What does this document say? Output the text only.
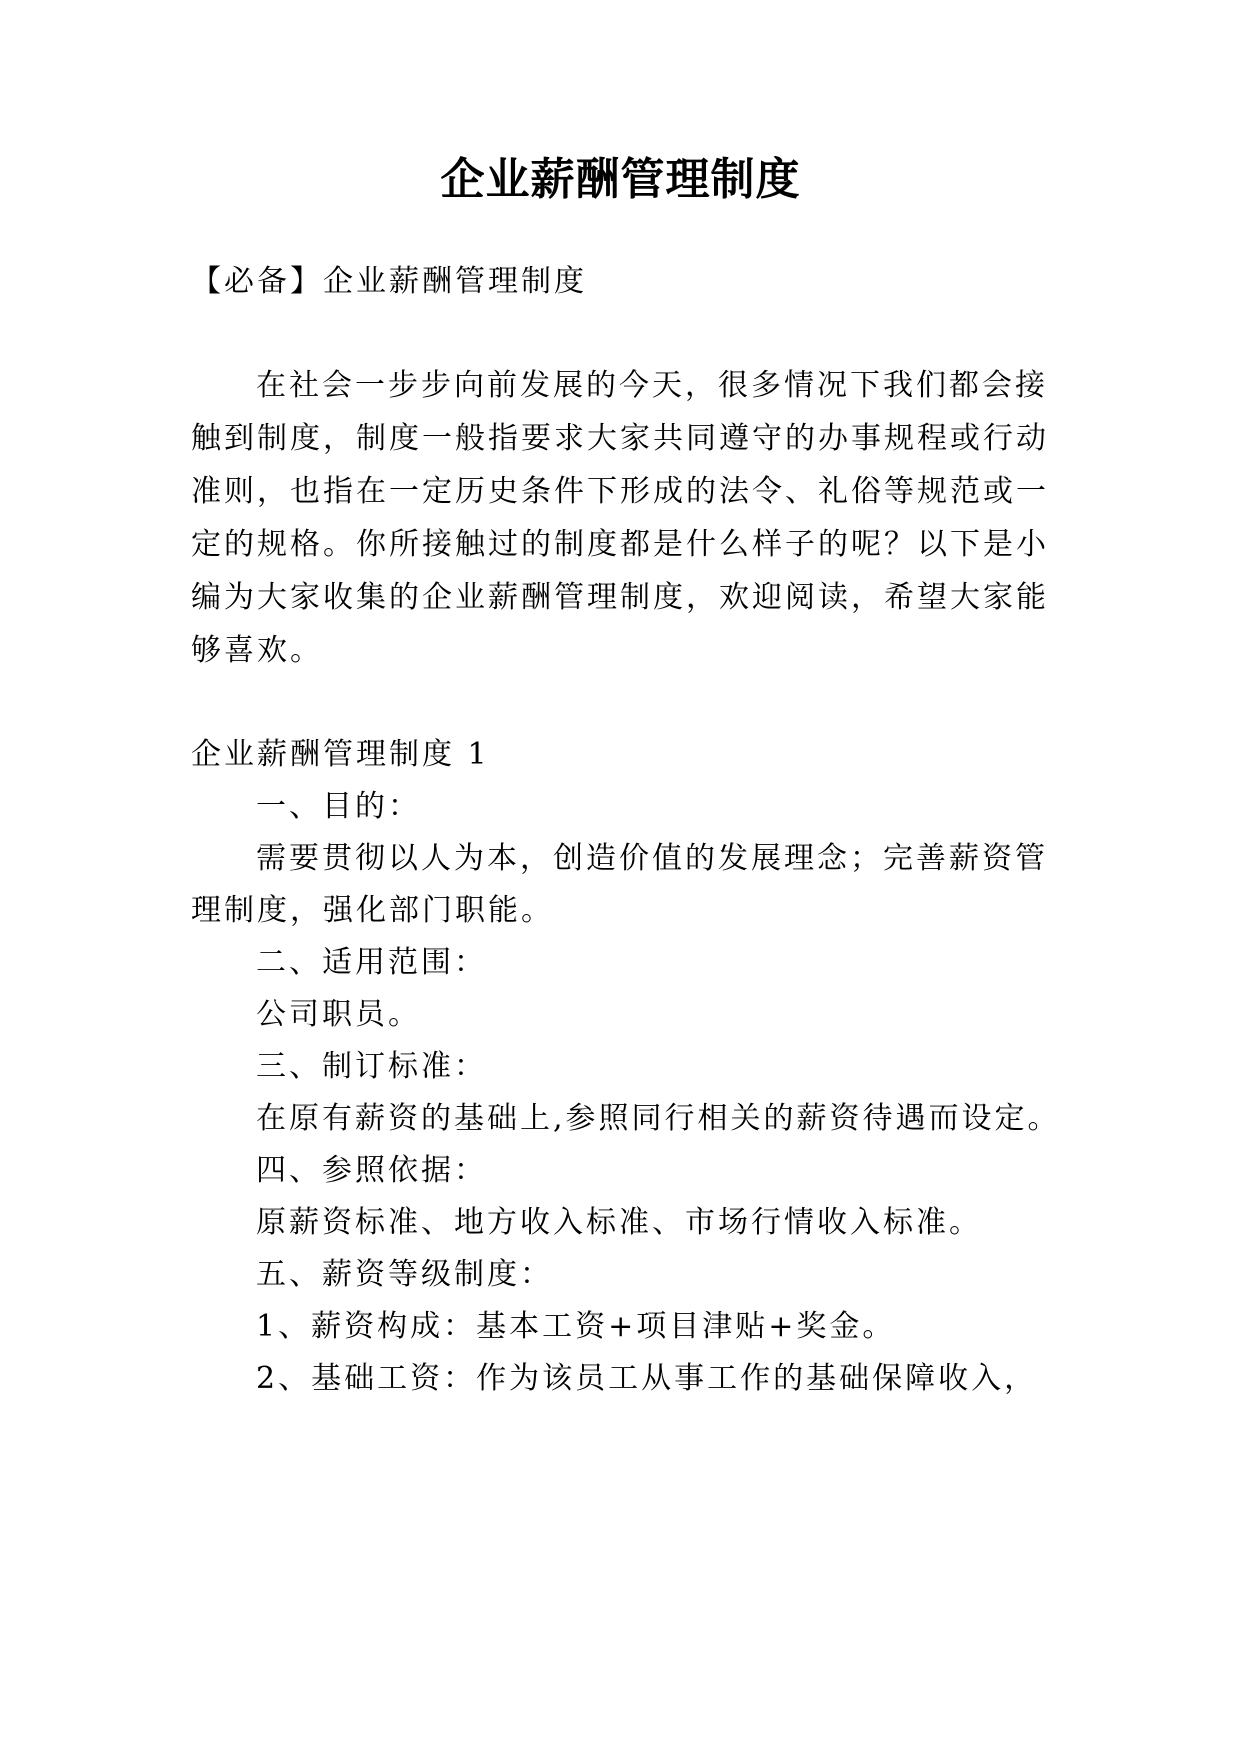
企业薪酬管理制度

【必备】企业薪酬管理制度

在社会一步步向前发展的今天，很多情况下我们都会接

触到制度，制度一般指要求大家共同遵守的办事规程或行动

准则，也指在一定历史条件下形成的法令、礼俗等规范或一

定的规格。你所接触过的制度都是什么样子的呢？以下是小

编为大家收集的企业薪酬管理制度，欢迎阅读，希望大家能

够喜欢。

企业薪酬管理制度 1

一、目的：

需要贯彻以人为本，创造价值的发展理念；完善薪资管

理制度，强化部门职能。

二、适用范围：

公司职员。

三、制订标准：

在原有薪资的基础上,参照同行相关的薪资待遇而设定。

四、参照依据：

原薪资标准、地方收入标准、市场行情收入标准。

五、薪资等级制度：

1、薪资构成：基本工资+项目津贴+奖金。

2、基础工资：作为该员工从事工作的基础保障收入，
